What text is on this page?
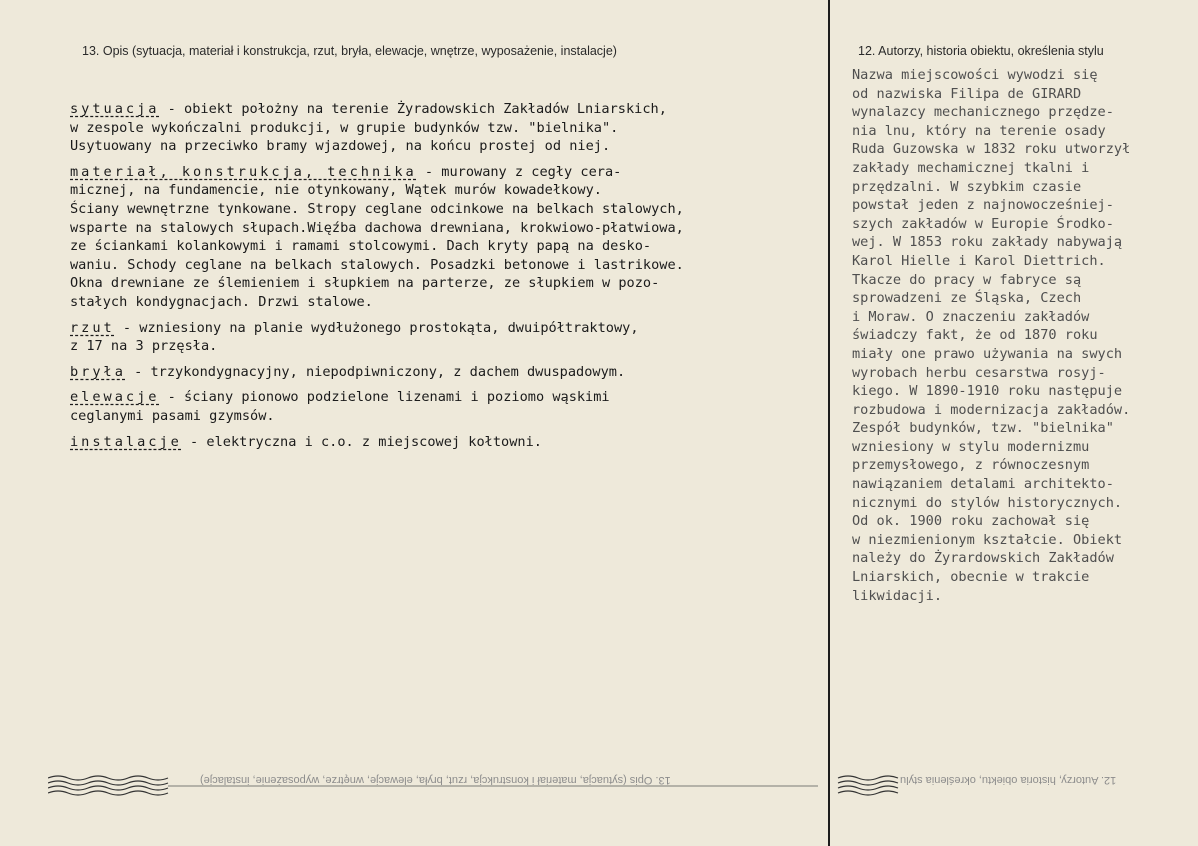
13. Opis (sytuacja, materiał i konstrukcja, rzut, bryła, elewacje, wnętrze, wyposażenie, instalacje)	12. Autorzy, historia obiektu, określenia stylu
sytuacja - obiekt położny na terenie Żyradowskich Zakładów Lniarskich,
w zespole wykończalni produkcji, w grupie budynków tzw. "bielnika".
Usytuowany na przeciwko bramy wjazdowej, na końcu prostej od niej.
materiał, konstrukcja, technika - murowany z cegły cera-
micznej, na fundamencie, nie otynkowany, Wątek murów kowadełkowy.
Ściany wewnętrzne tynkowane. Stropy ceglane odcinkowe na belkach stalowych,
wsparte na stalowych słupach.Więźba dachowa drewniana, krokwiowo-płatwiowa,
ze ściankami kolankowymi i ramami stolcowymi. Dach kryty papą na desko-
waniu. Schody ceglane na belkach stalowych. Posadzki betonowe i lastrikowe.
Okna drewniane ze ślemieniem i słupkiem na parterze, ze słupkiem w pozo-
stałych kondygnacjach. Drzwi stalowe.
rzut - wzniesiony na planie wydłużonego prostokąta, dwuipółtraktowy,
z 17 na 3 przęsła.
bryła - trzykondygnacyjny, niepodpiwniczony, z dachem dwuspadowym.
elewacje - ściany pionowo podzielone lizenami i poziomo wąskimi
ceglanymi pasami gzymsów.
instalacje - elektryczna i c.o. z miejscowej kołtowni.
Nazwa miejscowości wywodzi się
od nazwiska Filipa de GIRARD
wynalazcy mechanicznego przędze-
nia lnu, który na terenie osady
Ruda Guzowska w 1832 roku utworzył
zakłady mechamicznej tkalni i
przędzalni. W szybkim czasie
powstał jeden z najnowocześniej-
szych zakładów w Europie Środko-
wej. W 1853 roku zakłady nabywają
Karol Hielle i Karol Diettrich.
Tkacze do pracy w fabryce są
sprowadzeni ze Śląska, Czech
i Moraw. O znaczeniu zakładów
świadczy fakt, że od 1870 roku
miały one prawo używania na swych
wyrobach herbu cesarstwa rosyj-
kiego. W 1890-1910 roku następuje
rozbudowa i modernizacja zakładów.
Zespół budynków, tzw. "bielnika"
wzniesiony w stylu modernizmu
przemysłowego, z równoczesnym
nawiązaniem detalami architekto-
nicznymi do stylów historycznych.
Od ok. 1900 roku zachował się
w niezmienionym kształcie. Obiekt
należy do Żyrardowskich Zakładów
Lniarskich, obecnie w trakcie
likwidacji.
13. Opis (sytuacja, materiał i konstrukcja, rzut, bryła, elewacje, wnętrze, wyposażenie, instalacje)	12. Autorzy, historia obiektu, określenia stylu
